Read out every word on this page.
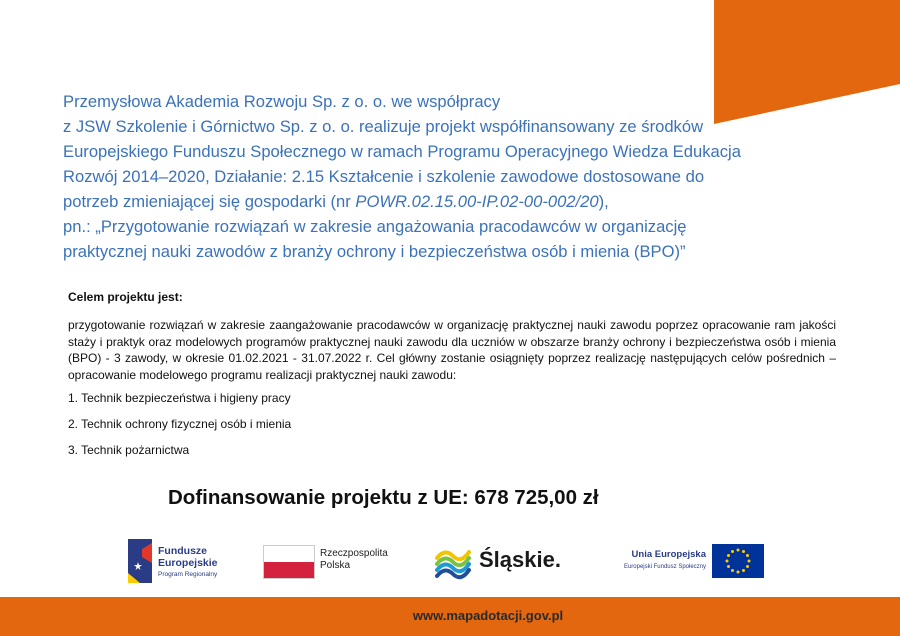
Przemysłowa Akademia Rozwoju Sp. z o. o. we współpracy
z JSW Szkolenie i Górnictwo Sp. z o. o. realizuje projekt współfinansowany ze środków
Europejskiego Funduszu Społecznego w ramach Programu Operacyjnego Wiedza Edukacja
Rozwój 2014–2020, Działanie: 2.15 Kształcenie i szkolenie zawodowe dostosowane do
potrzeb zmieniającej się gospodarki (nr POWR.02.15.00-IP.02-00-002/20),
pn.: „Przygotowanie rozwiązań w zakresie angażowania pracodawców w organizację
praktycznej nauki zawodów z branży ochrony i bezpieczeństwa osób i mienia (BPO)”
Celem projektu jest:

przygotowanie rozwiązań w zakresie zaangażowanie pracodawców w organizację praktycznej nauki zawodu poprzez opracowanie ram jakości staży i praktyk oraz modelowych programów praktycznej nauki zawodu dla uczniów w obszarze branży ochrony i bezpieczeństwa osób i mienia (BPO) - 3 zawody, w okresie 01.02.2021 - 31.07.2022 r. Cel główny zostanie osiągnięty poprzez realizację następujących celów pośrednich – opracowanie modelowego programu realizacji praktycznej nauki zawodu:

1. Technik bezpieczeństwa i higieny pracy
2. Technik ochrony fizycznej osób i mienia
3. Technik pożarnictwa
Dofinansowanie projektu z UE: 678 725,00 zł
Fundusze
Europejskie
Program Regionalny
Rzeczpospolita
Polska	Śląskie.	Unia Europejska
Europejski Fundusz Społeczny
www.mapadotacji.gov.pl
